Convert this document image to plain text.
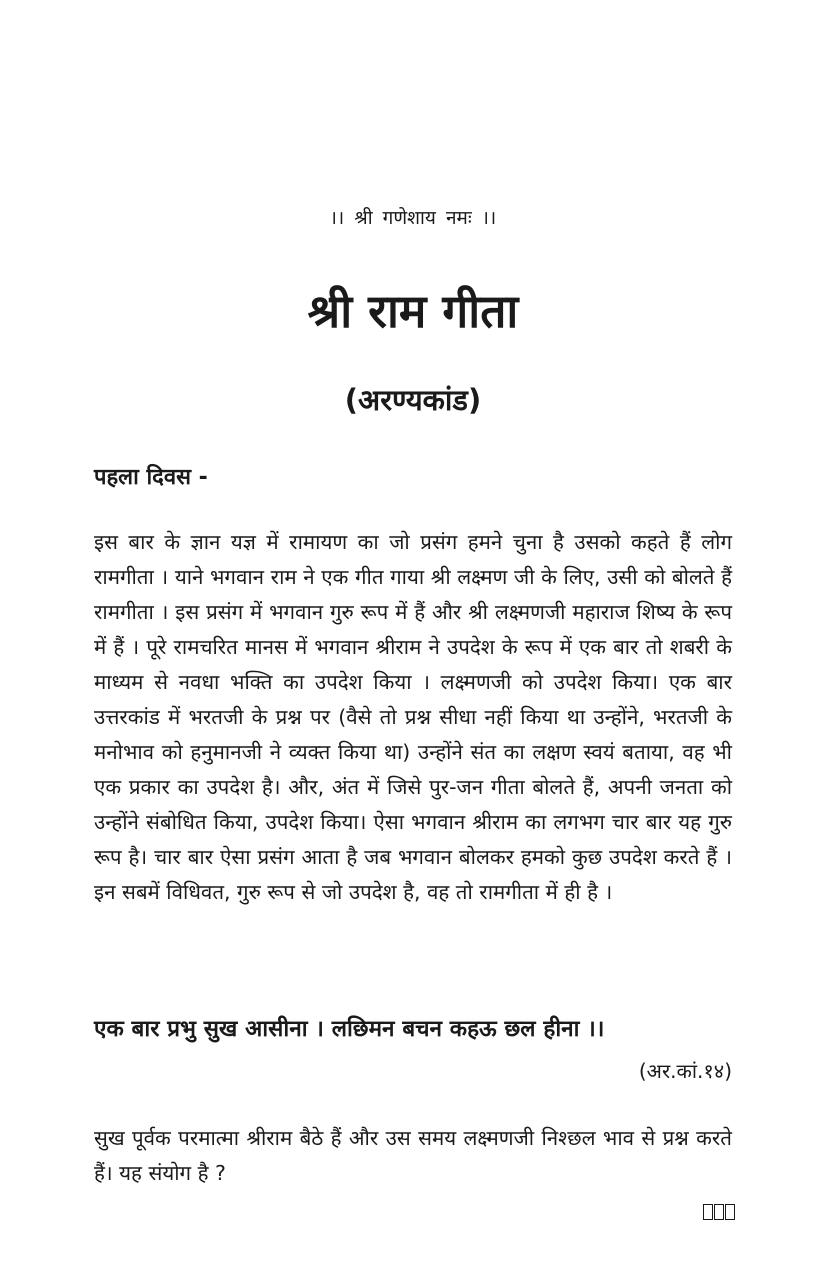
।। श्री गणेशाय नमः ।।
श्री राम गीता
(अरण्यकांड)
पहला दिवस -

इस बार के ज्ञान यज्ञ में रामायण का जो प्रसंग हमने चुना है उसको कहते हैं लोग रामगीता । याने भगवान राम ने एक गीत गाया श्री लक्ष्मण जी के लिए, उसी को बोलते हैं रामगीता । इस प्रसंग में भगवान गुरु रूप में हैं और श्री लक्ष्मणजी महाराज शिष्य के रूप में हैं । पूरे रामचरित मानस में भगवान श्रीराम ने उपदेश के रूप में एक बार तो शबरी के माध्यम से नवधा भक्ति का उपदेश किया । लक्ष्मणजी को उपदेश किया। एक बार उत्तरकांड में भरतजी के प्रश्न पर (वैसे तो प्रश्न सीधा नहीं किया था उन्होंने, भरतजी के मनोभाव को हनुमानजी ने व्यक्त किया था) उन्होंने संत का लक्षण स्वयं बताया, वह भी एक प्रकार का उपदेश है। और, अंत में जिसे पुर-जन गीता बोलते हैं, अपनी जनता को उन्होंने संबोधित किया, उपदेश किया। ऐसा भगवान श्रीराम का लगभग चार बार यह गुरु रूप है। चार बार ऐसा प्रसंग आता है जब भगवान बोलकर हमको कुछ उपदेश करते हैं । इन सबमें विधिवत, गुरु रूप से जो उपदेश है, वह तो रामगीता में ही है ।

एक बार प्रभु सुख आसीना । लछिमन बचन कहऊ छल हीना ।।
(अर.कां.१४)

सुख पूर्वक परमात्मा श्रीराम बैठे हैं और उस समय लक्ष्मणजी निश्छल भाव से प्रश्न करते हैं। यह संयोग है ?
